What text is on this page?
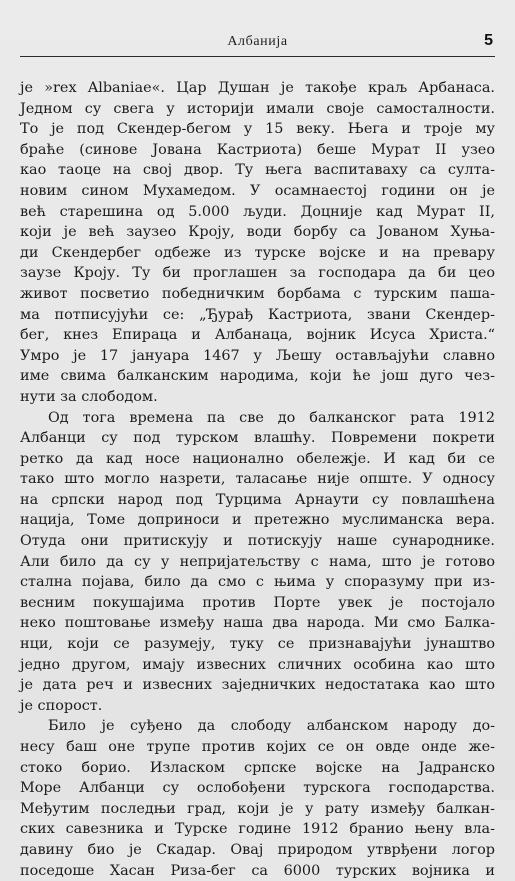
Албанија	5
је »rex Albaniae«. Цар Душан је такође краљ Арбанаса.
Једном су свега у историји имали своје самосталности.
То је под Скендер-бегом у 15 веку. Њега и троје му
браће (синове Јована Кастриота) беше Мурат II узео
као таоце на свој двор. Ту њега васпитаваху са султа-
новим сином Мухамедом. У осамнаестој години он је
већ старешина од 5.000 људи. Доцније кад Мурат II,
који је већ заузео Кроју, води борбу са Јованом Хуња-
ди Скендербег одбеже из турске војске и на превару
заузе Кроју. Ту би проглашен за господара да би цео
живот посветио победничким борбама с турским паша-
ма потписујући се: „Ђурађ Кастриота, звани Скендер-
бег, кнез Епираца и Албанаца, војник Исуса Христа.“
Умро је 17 јануара 1467 у Љешу остављајући славно
име свима балканским народима, који ће још дуго чез-
нути за слободом.
Од тога времена па све до балканског рата 1912
Албанци су под турском влашћу. Повремени покрети
ретко да кад носе национално обележје. И кад би се
тако што могло назрети, таласање није опште. У односу
на српски народ под Турцима Арнаути су повлашћена
нација, Томе доприноси и претежно муслиманска вера.
Отуда они притискују и потискују наше сународнике.
Али било да су у непријатељству с нама, што је готово
стална појава, било да смо с њима у споразуму при из-
весним покушајима против Порте увек је постојало
неко поштовање између наша два народа. Ми смо Балка-
нци, који се разумеју, туку се признавајући јунаштво
једно другом, имају извесних сличних особина као што
је дата реч и извесних заједничких недостатака као што
је спорост.
Било је суђено да слободу албанском народу до-
несу баш оне трупе против којих се он овде онде же-
стоко борио. Изласком српске војске на Јадранско
Море Албанци су ослобођени турскога господарства.
Међутим последњи град, који је у рату између балкан-
ских савезника и Турске године 1912 бранио њену вла-
давину био је Скадар. Овај природом утврђени логор
поседоше Хасан Риза-бег са 6000 турских војника и
